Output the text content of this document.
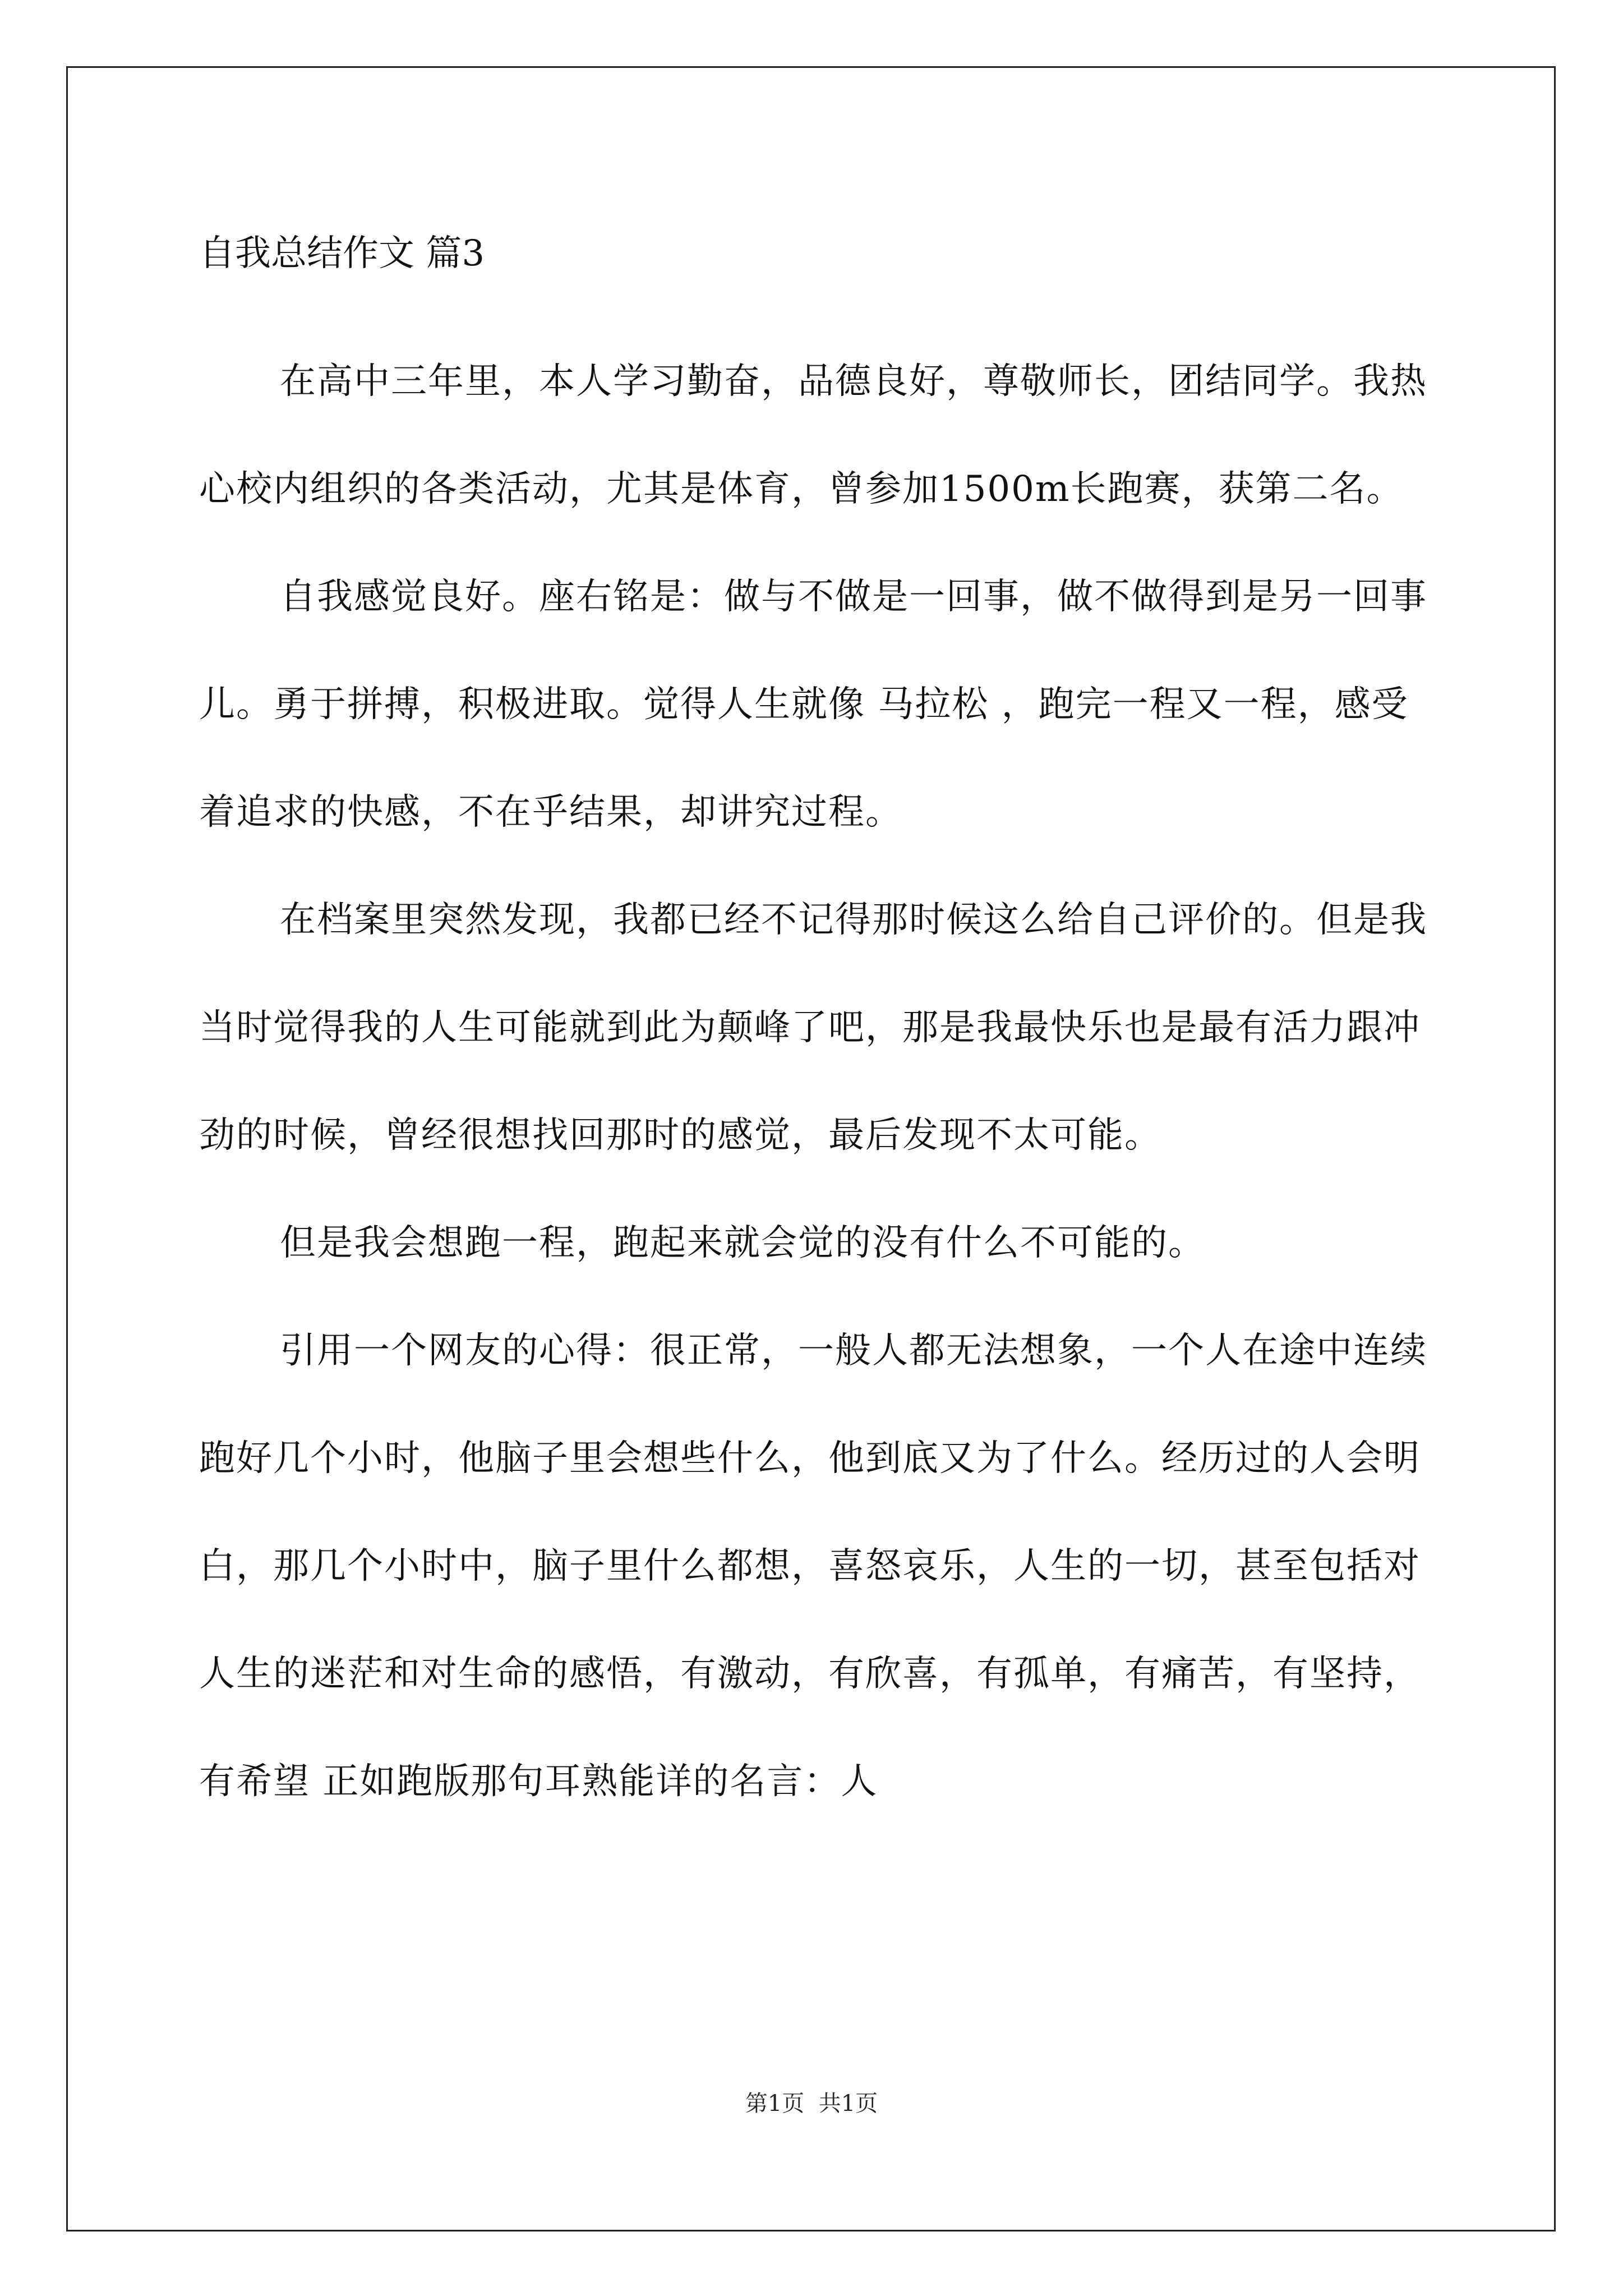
自我总结作文 篇3

在高中三年里，本人学习勤奋，品德良好，尊敬师长，团结同学。我热心校内组织的各类活动，尤其是体育，曾参加1500m长跑赛，获第二名。

自我感觉良好。座右铭是：做与不做是一回事，做不做得到是另一回事儿。勇于拼搏，积极进取。觉得人生就像 马拉松 ，跑完一程又一程，感受着追求的快感，不在乎结果，却讲究过程。

在档案里突然发现，我都已经不记得那时候这么给自己评价的。但是我当时觉得我的人生可能就到此为颠峰了吧，那是我最快乐也是最有活力跟冲劲的时候，曾经很想找回那时的感觉，最后发现不太可能。

但是我会想跑一程，跑起来就会觉的没有什么不可能的。

引用一个网友的心得：很正常，一般人都无法想象，一个人在途中连续跑好几个小时，他脑子里会想些什么，他到底又为了什么。经历过的人会明白，那几个小时中，脑子里什么都想，喜怒哀乐，人生的一切，甚至包括对人生的迷茫和对生命的感悟，有激动，有欣喜，有孤单，有痛苦，有坚持，有希望 正如跑版那句耳熟能详的名言：人

第1页  共1页
